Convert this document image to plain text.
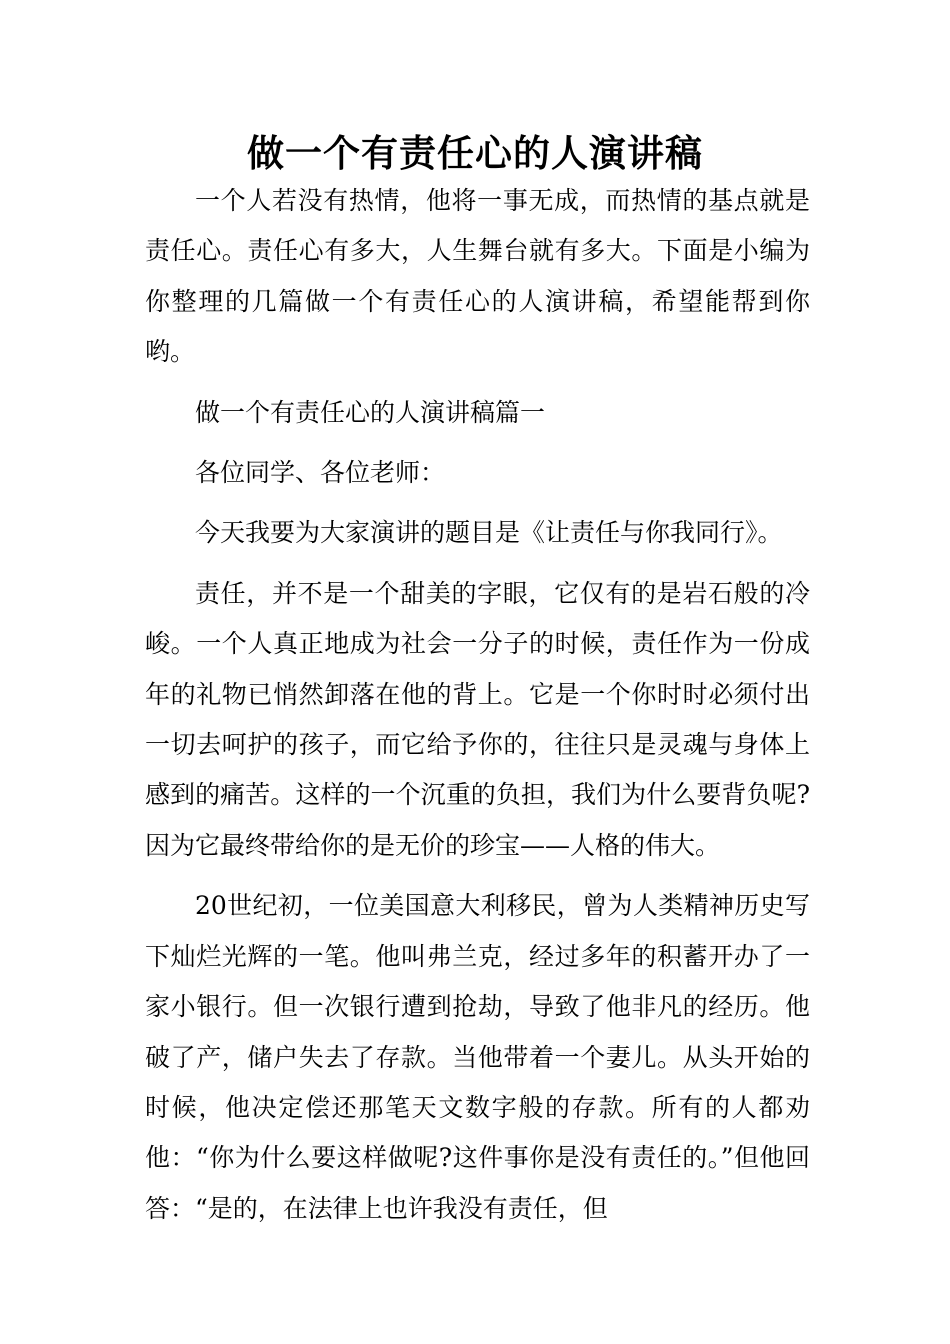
做一个有责任心的人演讲稿

一个人若没有热情，他将一事无成，而热情的基点就是责任心。责任心有多大，人生舞台就有多大。下面是小编为你整理的几篇做一个有责任心的人演讲稿，希望能帮到你哟。

做一个有责任心的人演讲稿篇一

各位同学、各位老师：

今天我要为大家演讲的题目是《让责任与你我同行》。

责任，并不是一个甜美的字眼，它仅有的是岩石般的冷峻。一个人真正地成为社会一分子的时候，责任作为一份成年的礼物已悄然卸落在他的背上。它是一个你时时必须付出一切去呵护的孩子，而它给予你的，往往只是灵魂与身体上感到的痛苦。这样的一个沉重的负担，我们为什么要背负呢?因为它最终带给你的是无价的珍宝——人格的伟大。

20世纪初，一位美国意大利移民，曾为人类精神历史写下灿烂光辉的一笔。他叫弗兰克，经过多年的积蓄开办了一家小银行。但一次银行遭到抢劫，导致了他非凡的经历。他破了产，储户失去了存款。当他带着一个妻儿。从头开始的时候，他决定偿还那笔天文数字般的存款。所有的人都劝他：“你为什么要这样做呢?这件事你是没有责任的。”但他回答：“是的，在法律上也许我没有责任，但
